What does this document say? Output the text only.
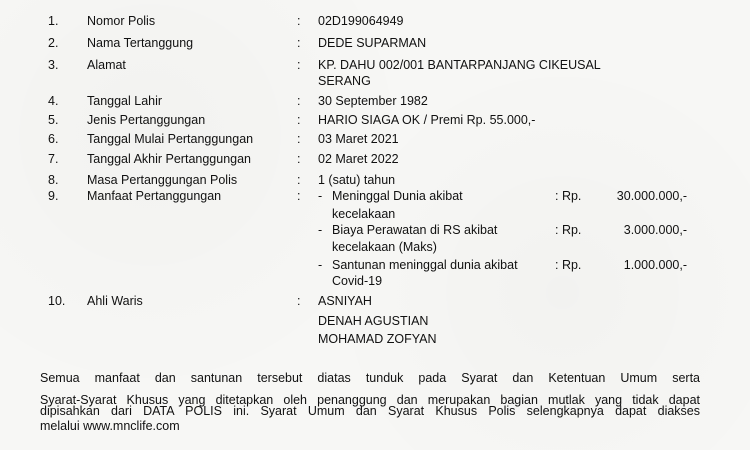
1. Nomor Polis	: 02D199064949
2. Nama Tertanggung	: DEDE SUPARMAN
3. Alamat	: KP. DAHU 002/001 BANTARPANJANG CIKEUSAL
SERANG
4. Tanggal Lahir	: 30 September 1982
5. Jenis Pertanggungan	: HARIO SIAGA OK / Premi Rp. 55.000,-
6. Tanggal Mulai Pertanggungan	: 03 Maret 2021
7. Tanggal Akhir Pertanggungan	: 02 Maret 2022
8. Masa Pertanggungan Polis	: 1 (satu) tahun
9. Manfaat Pertanggungan	: - Meninggal Dunia akibat	: Rp.	30.000.000,-
kecelakaan
- Biaya Perawatan di RS akibat	: Rp.	3.000.000,-
kecelakaan (Maks)
- Santunan meninggal dunia akibat	: Rp.	1.000.000,-
Covid-19
10. Ahli Waris	: ASNIYAH
DENAH AGUSTIAN
MOHAMAD ZOFYAN
Semua manfaat dan santunan tersebut diatas tunduk pada Syarat dan Ketentuan Umum serta
Syarat-Syarat Khusus yang ditetapkan oleh penanggung dan merupakan bagian mutlak yang tidak dapat
dipisahkan dari DATA POLIS ini. Syarat Umum dan Syarat Khusus Polis selengkapnya dapat diakses
melalui www.mnclife.com
